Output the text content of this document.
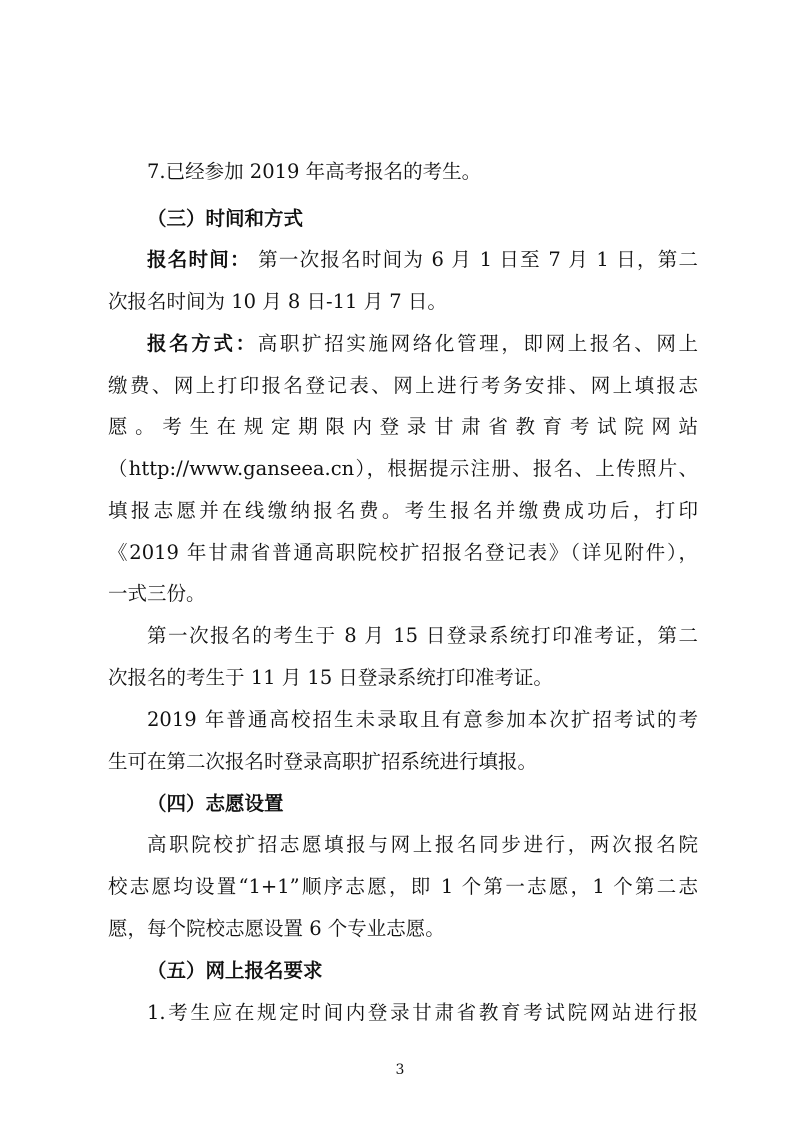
7.已经参加 2019 年高考报名的考生。
（三）时间和方式
报名时间： 第一次报名时间为 6 月 1 日至 7 月 1 日，第二
次报名时间为 10 月 8 日-11 月 7 日。
报名方式：高职扩招实施网络化管理，即网上报名、网上
缴费、网上打印报名登记表、网上进行考务安排、网上填报志
愿。考生在规定期限内登录甘肃省教育考试院网站
（http://www.ganseea.cn），根据提示注册、报名、上传照片、
填报志愿并在线缴纳报名费。考生报名并缴费成功后，打印
《2019 年甘肃省普通高职院校扩招报名登记表》（详见附件），
一式三份。
第一次报名的考生于 8 月 15 日登录系统打印准考证，第二
次报名的考生于 11 月 15 日登录系统打印准考证。
2019 年普通高校招生未录取且有意参加本次扩招考试的考
生可在第二次报名时登录高职扩招系统进行填报。
（四）志愿设置
高职院校扩招志愿填报与网上报名同步进行，两次报名院
校志愿均设置“1+1”顺序志愿，即 1 个第一志愿，1 个第二志
愿，每个院校志愿设置 6 个专业志愿。
（五）网上报名要求
1.考生应在规定时间内登录甘肃省教育考试院网站进行报
3
